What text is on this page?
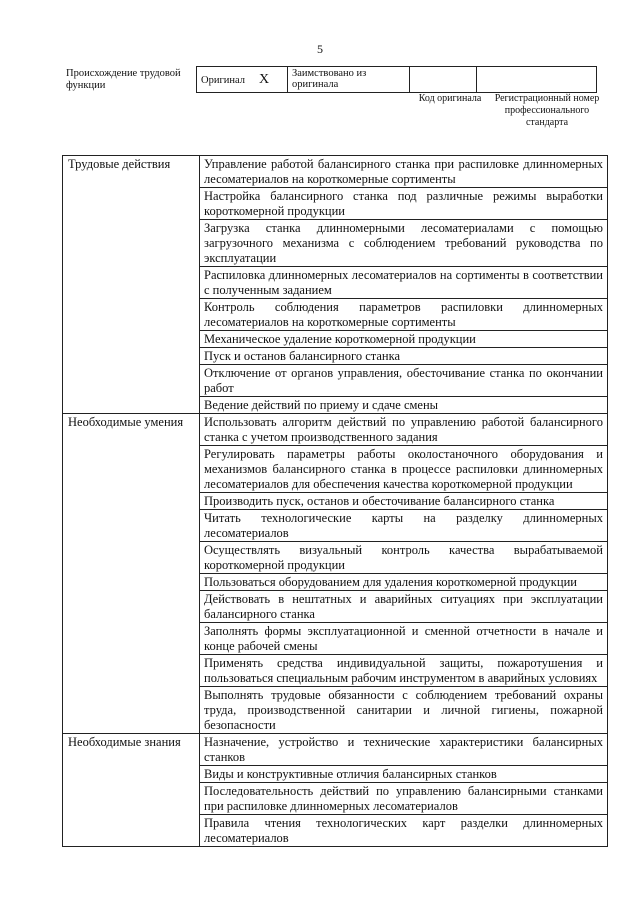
5
Происхождение трудовой функции	Оригинал X	Заимствовано из оригинала		
Код оригинала Регистрационный номер профессионального стандарта
Трудовые действия	Управление работой балансирного станка при распиловке длинномерных лесоматериалов на короткомерные сортименты
	Настройка балансирного станка под различные режимы выработки короткомерной продукции
	Загрузка станка длинномерными лесоматериалами с помощью загрузочного механизма с соблюдением требований руководства по эксплуатации
	Распиловка длинномерных лесоматериалов на сортименты в соответствии с полученным заданием
	Контроль соблюдения параметров распиловки длинномерных лесоматериалов на короткомерные сортименты
	Механическое удаление короткомерной продукции
	Пуск и останов балансирного станка
	Отключение от органов управления, обесточивание станка по окончании работ
	Ведение действий по приему и сдаче смены
Необходимые умения	Использовать алгоритм действий по управлению работой балансирного станка с учетом производственного задания
	Регулировать параметры работы околостаночного оборудования и механизмов балансирного станка в процессе распиловки длинномерных лесоматериалов для обеспечения качества короткомерной продукции
	Производить пуск, останов и обесточивание балансирного станка
	Читать технологические карты на разделку длинномерных лесоматериалов
	Осуществлять визуальный контроль качества вырабатываемой короткомерной продукции
	Пользоваться оборудованием для удаления короткомерной продукции
	Действовать в нештатных и аварийных ситуациях при эксплуатации балансирного станка
	Заполнять формы эксплуатационной и сменной отчетности в начале и конце рабочей смены
	Применять средства индивидуальной защиты, пожаротушения и пользоваться специальным рабочим инструментом в аварийных условиях
	Выполнять трудовые обязанности с соблюдением требований охраны труда, производственной санитарии и личной гигиены, пожарной безопасности
Необходимые знания	Назначение, устройство и технические характеристики балансирных станков
	Виды и конструктивные отличия балансирных станков
	Последовательность действий по управлению балансирными станками при распиловке длинномерных лесоматериалов
	Правила чтения технологических карт разделки длинномерных лесоматериалов
